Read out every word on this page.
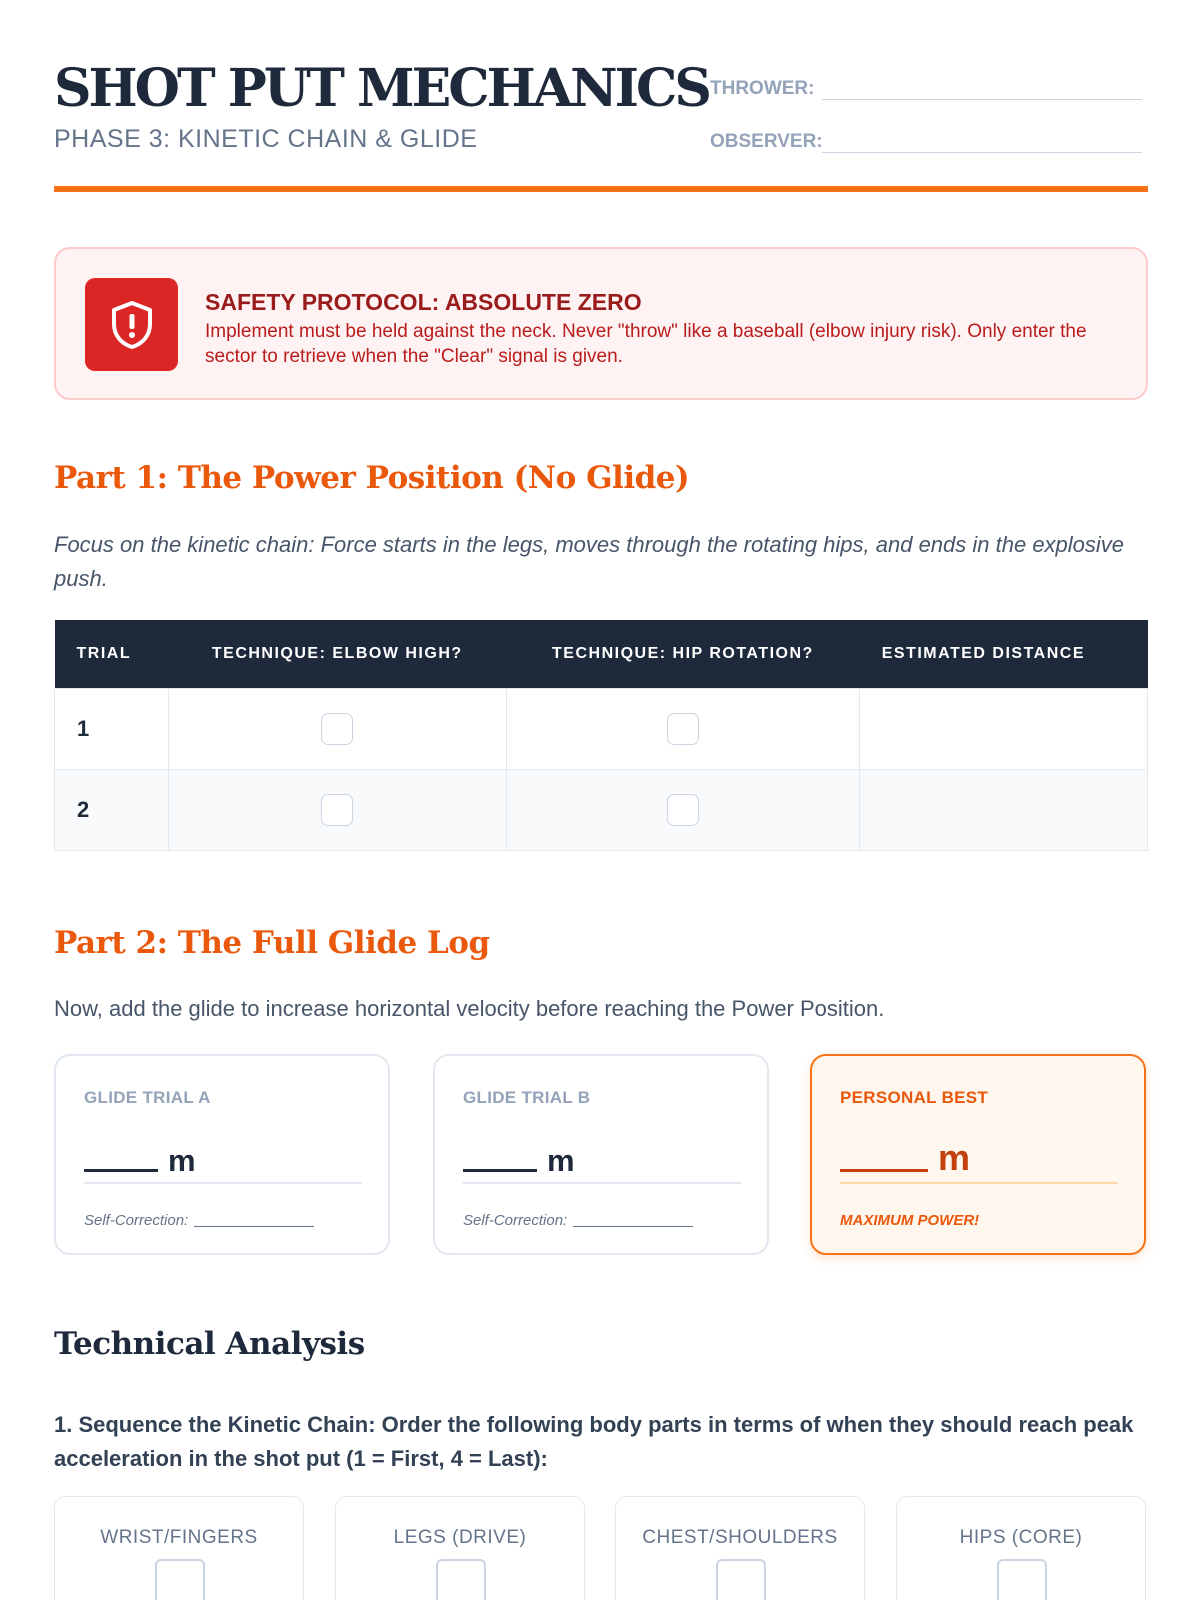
SHOT PUT MECHANICS
PHASE 3: KINETIC CHAIN & GLIDE
THROWER:
OBSERVER:
SAFETY PROTOCOL: ABSOLUTE ZERO
Implement must be held against the neck. Never "throw" like a baseball (elbow injury risk). Only enter the sector to retrieve when the "Clear" signal is given.
Part 1: The Power Position (No Glide)
Focus on the kinetic chain: Force starts in the legs, moves through the rotating hips, and ends in the explosive push.
TRIAL	TECHNIQUE: ELBOW HIGH?	TECHNIQUE: HIP ROTATION?	ESTIMATED DISTANCE
1			
2			
Part 2: The Full Glide Log
Now, add the glide to increase horizontal velocity before reaching the Power Position.
GLIDE TRIAL A
m
Self-Correction:
GLIDE TRIAL B
m
Self-Correction:
PERSONAL BEST
m
MAXIMUM POWER!
Technical Analysis
1. Sequence the Kinetic Chain: Order the following body parts in terms of when they should reach peak acceleration in the shot put (1 = First, 4 = Last):
WRIST/FINGERS	LEGS (DRIVE)	CHEST/SHOULDERS	HIPS (CORE)
